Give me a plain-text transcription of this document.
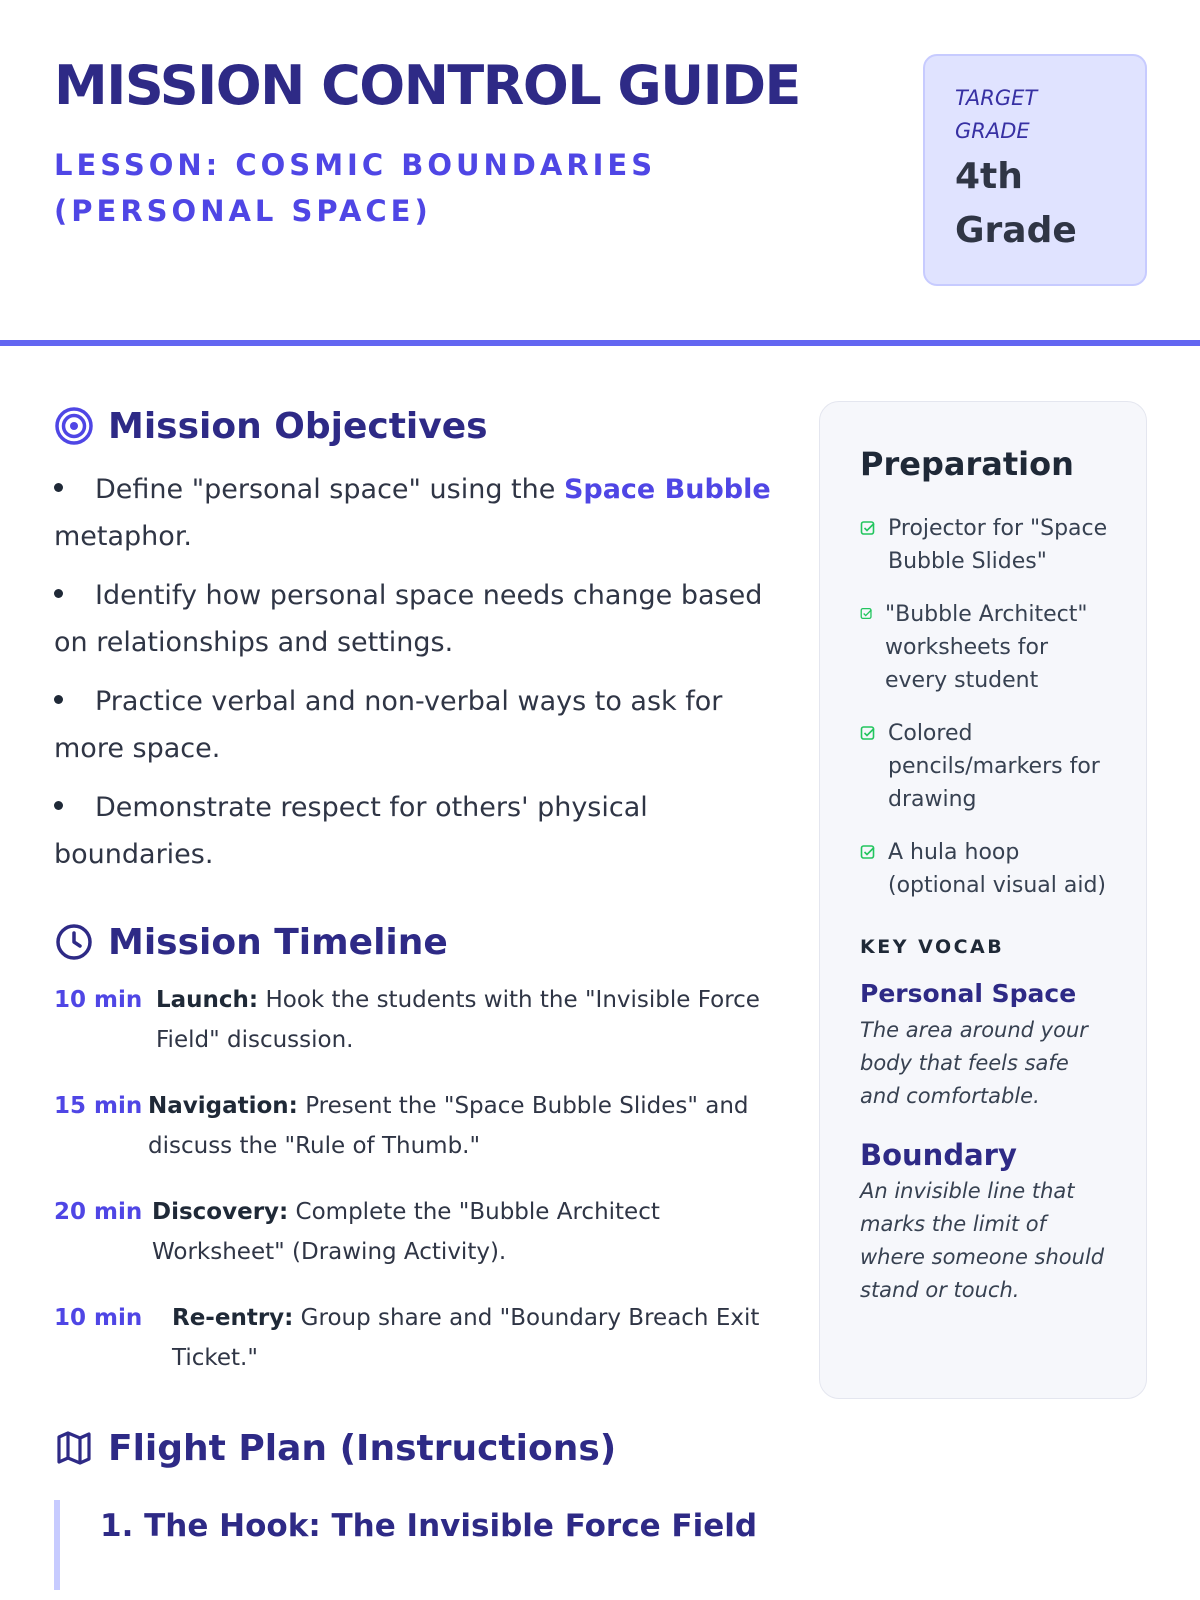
MISSION CONTROL GUIDE
LESSON: COSMIC BOUNDARIES (PERSONAL SPACE)
TARGET GRADE
4th Grade
Mission Objectives
Define "personal space" using the Space Bubble metaphor.
Identify how personal space needs change based on relationships and settings.
Practice verbal and non-verbal ways to ask for more space.
Demonstrate respect for others' physical boundaries.
Mission Timeline
10 min Launch: Hook the students with the "Invisible Force Field" discussion.
15 min Navigation: Present the "Space Bubble Slides" and discuss the "Rule of Thumb."
20 min Discovery: Complete the "Bubble Architect Worksheet" (Drawing Activity).
10 min	Re-entry: Group share and "Boundary Breach Exit Ticket."
Flight Plan (Instructions)
1. The Hook: The Invisible Force Field
Preparation
Projector for "Space Bubble Slides"
"Bubble Architect" worksheets for every student
Colored pencils/markers for drawing
A hula hoop (optional visual aid)
KEY VOCAB
Personal Space
The area around your body that feels safe and comfortable.
Boundary
An invisible line that marks the limit of where someone should stand or touch.
